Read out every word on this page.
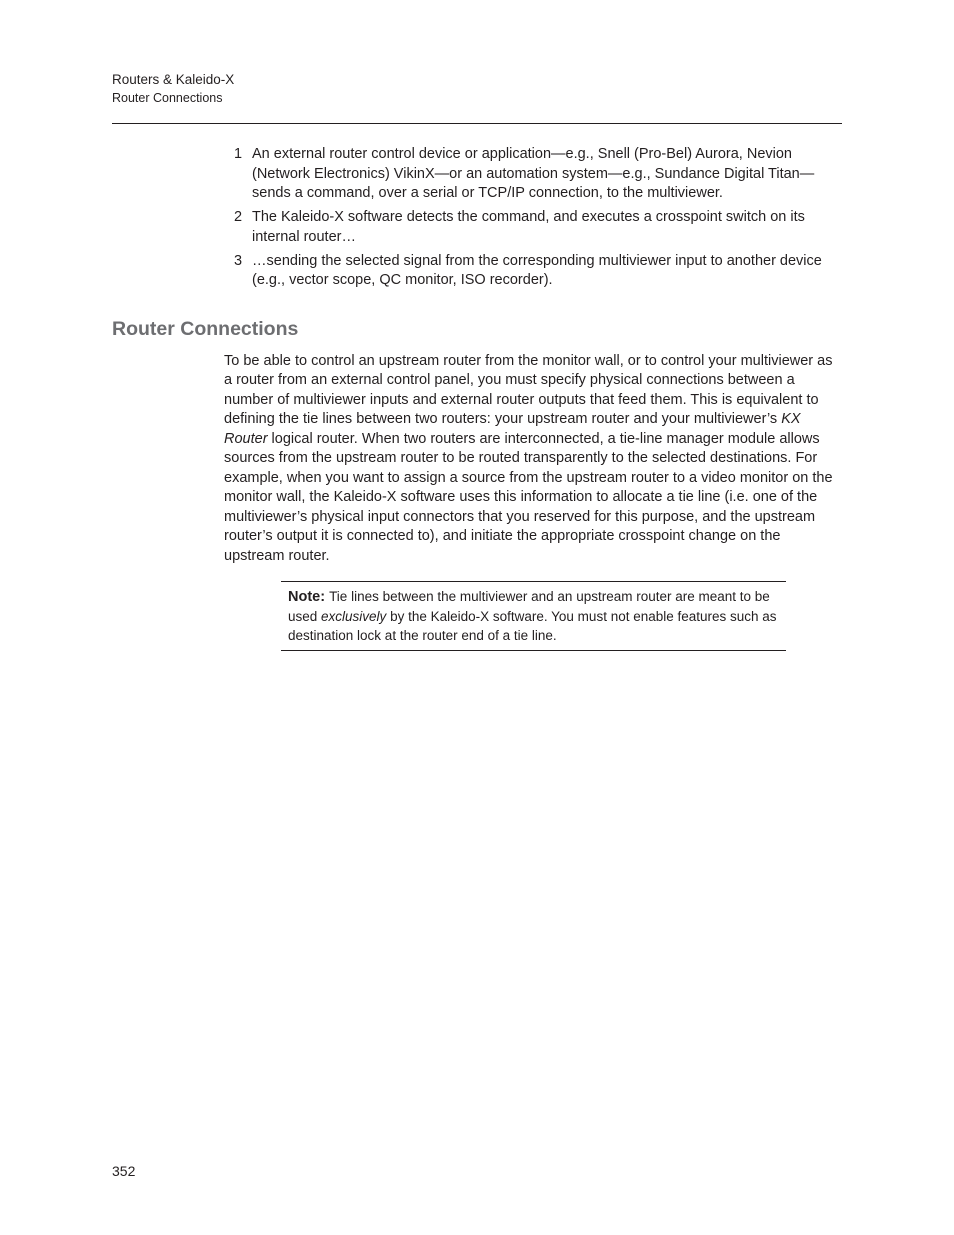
Routers & Kaleido-X
Router Connections
1 An external router control device or application—e.g., Snell (Pro-Bel) Aurora, Nevion (Network Electronics) VikinX—or an automation system—e.g., Sundance Digital Titan—sends a command, over a serial or TCP/IP connection, to the multiviewer.
2 The Kaleido-X software detects the command, and executes a crosspoint switch on its internal router…
3 …sending the selected signal from the corresponding multiviewer input to another device (e.g., vector scope, QC monitor, ISO recorder).
Router Connections

To be able to control an upstream router from the monitor wall, or to control your multiviewer as a router from an external control panel, you must specify physical connections between a number of multiviewer inputs and external router outputs that feed them. This is equivalent to defining the tie lines between two routers: your upstream router and your multiviewer’s KX Router logical router. When two routers are interconnected, a tie-line manager module allows sources from the upstream router to be routed transparently to the selected destinations. For example, when you want to assign a source from the upstream router to a video monitor on the monitor wall, the Kaleido-X software uses this information to allocate a tie line (i.e. one of the multiviewer’s physical input connectors that you reserved for this purpose, and the upstream router’s output it is connected to), and initiate the appropriate crosspoint change on the upstream router.

Note: Tie lines between the multiviewer and an upstream router are meant to be used exclusively by the Kaleido-X software. You must not enable features such as destination lock at the router end of a tie line.
352
